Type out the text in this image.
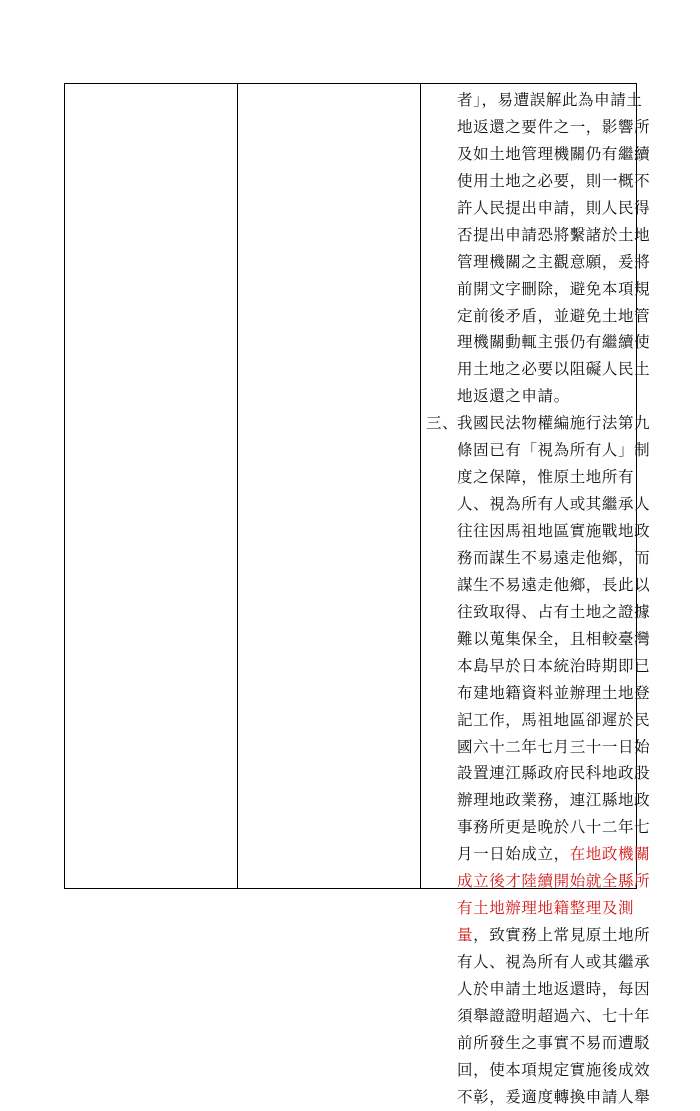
者」，易遭誤解此為申請土
地返還之要件之一，影響所
及如土地管理機關仍有繼續
使用土地之必要，則一概不
許人民提出申請，則人民得
否提出申請恐將繫諸於土地
管理機關之主觀意願，爰將
前開文字刪除，避免本項規
定前後矛盾，並避免土地管
理機關動輒主張仍有繼續使
用土地之必要以阻礙人民土
地返還之申請。
三、我國民法物權編施行法第九
條固已有「視為所有人」制
度之保障，惟原土地所有
人、視為所有人或其繼承人
往往因馬祖地區實施戰地政
務而謀生不易遠走他鄉，而
謀生不易遠走他鄉，長此以
往致取得、占有土地之證據
難以蒐集保全，且相較臺灣
本島早於日本統治時期即已
布建地籍資料並辦理土地登
記工作，馬祖地區卻遲於民
國六十二年七月三十一日始
設置連江縣政府民科地政股
辦理地政業務，連江縣地政
事務所更是晚於八十二年七
月一日始成立，在地政機關
成立後才陸續開始就全縣所
有土地辦理地籍整理及測
量，致實務上常見原土地所
有人、視為所有人或其繼承
人於申請土地返還時，每因
須舉證證明超過六、七十年
前所發生之事實不易而遭駁
回，使本項規定實施後成效
不彰，爰適度轉換申請人舉
